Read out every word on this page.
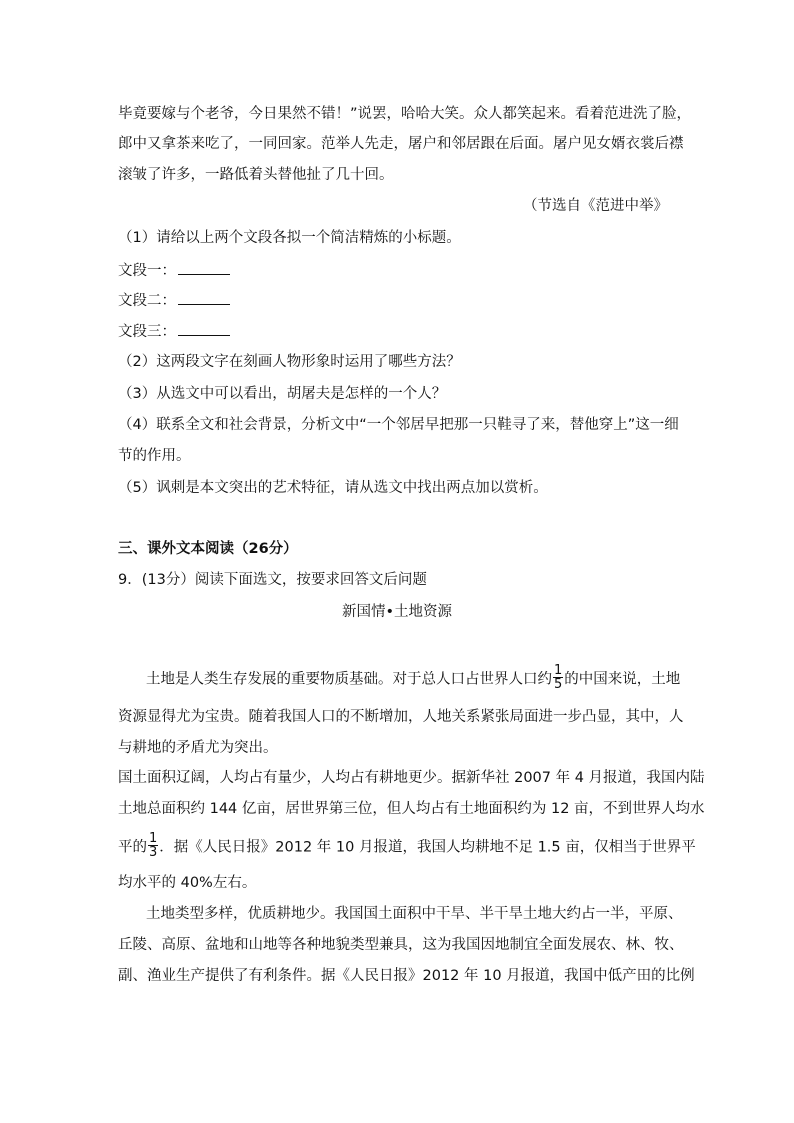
毕竟要嫁与个老爷，今日果然不错！”说罢，哈哈大笑。众人都笑起来。看着范进洗了脸，
郎中又拿茶来吃了，一同回家。范举人先走，屠户和邻居跟在后面。屠户见女婿衣裳后襟
滚皱了许多，一路低着头替他扯了几十回。
（节选自《范进中举》
（1）请给以上两个文段各拟一个简洁精炼的小标题。
文段一：
文段二：
文段三：
（2）这两段文字在刻画人物形象时运用了哪些方法？
（3）从选文中可以看出，胡屠夫是怎样的一个人？
（4）联系全文和社会背景，分析文中“一个邻居早把那一只鞋寻了来，替他穿上”这一细
节的作用。
（5）讽刺是本文突出的艺术特征，请从选文中找出两点加以赏析。
三、课外文本阅读（26分）
9．(13分）阅读下面选文，按要求回答文后问题
新国情•土地资源
土地是人类生存发展的重要物质基础。对于总人口占世界人口约 $\frac{1}{5}$ 的中国来说，土地
资源显得尤为宝贵。随着我国人口的不断增加，人地关系紧张局面进一步凸显，其中，人
与耕地的矛盾尤为突出。
国土面积辽阔，人均占有量少，人均占有耕地更少。据新华社 2007 年 4 月报道，我国内陆
土地总面积约 144 亿亩，居世界第三位，但人均占有土地面积约为 12 亩，不到世界人均水
平的 $\frac{1}{3}$ ．据《人民日报》2012 年 10 月报道，我国人均耕地不足 1.5 亩，仅相当于世界平
均水平的 40%左右。
土地类型多样，优质耕地少。我国国土面积中干旱、半干旱土地大约占一半，平原、
丘陵、高原、盆地和山地等各种地貌类型兼具，这为我国因地制宜全面发展农、林、牧、
副、渔业生产提供了有利条件。据《人民日报》2012 年 10 月报道，我国中低产田的比例
